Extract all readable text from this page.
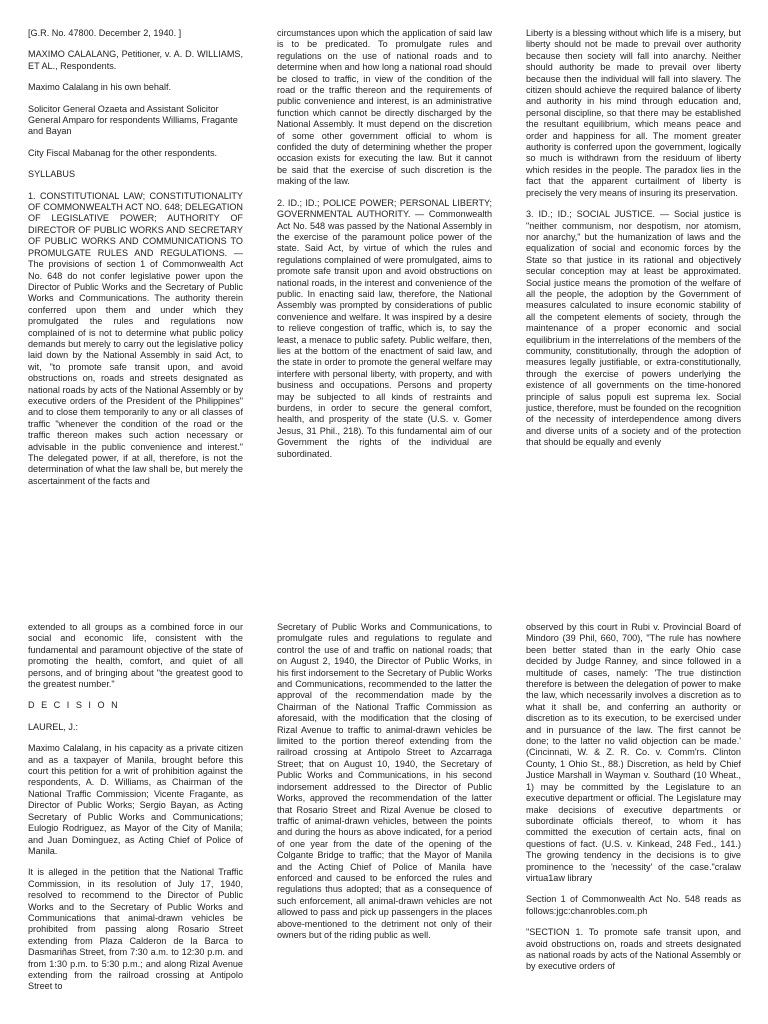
[G.R. No. 47800. December 2, 1940. ]

MAXIMO CALALANG, Petitioner, v. A. D. WILLIAMS, ET AL., Respondents.

Maximo Calalang in his own behalf.

Solicitor General Ozaeta and Assistant Solicitor General Amparo for respondents Williams, Fragante and Bayan

City Fiscal Mabanag for the other respondents.

SYLLABUS

1. CONSTITUTIONAL LAW; CONSTITUTIONALITY OF COMMONWEALTH ACT NO. 648; DELEGATION OF LEGISLATIVE POWER; AUTHORITY OF DIRECTOR OF PUBLIC WORKS AND SECRETARY OF PUBLIC WORKS AND COMMUNICATIONS TO PROMULGATE RULES AND REGULATIONS. — The provisions of section 1 of Commonwealth Act No. 648 do not confer legislative power upon the Director of Public Works and the Secretary of Public Works and Communications. The authority therein conferred upon them and under which they promulgated the rules and regulations now complained of is not to determine what public policy demands but merely to carry out the legislative policy laid down by the National Assembly in said Act, to wit, "to promote safe transit upon, and avoid obstructions on, roads and streets designated as national roads by acts of the National Assembly or by executive orders of the President of the Philippines" and to close them temporarily to any or all classes of traffic "whenever the condition of the road or the traffic thereon makes such action necessary or advisable in the public convenience and interest." The delegated power, if at all, therefore, is not the determination of what the law shall be, but merely the ascertainment of the facts and

circumstances upon which the application of said law is to be predicated. To promulgate rules and regulations on the use of national roads and to determine when and how long a national road should be closed to traffic, in view of the condition of the road or the traffic thereon and the requirements of public convenience and interest, is an administrative function which cannot be directly discharged by the National Assembly. It must depend on the discretion of some other government official to whom is confided the duty of determining whether the proper occasion exists for executing the law. But it cannot be said that the exercise of such discretion is the making of the law.

2. ID.; ID.; POLICE POWER; PERSONAL LIBERTY; GOVERNMENTAL AUTHORITY. — Commonwealth Act No. 548 was passed by the National Assembly in the exercise of the paramount police power of the state. Said Act, by virtue of which the rules and regulations complained of were promulgated, aims to promote safe transit upon and avoid obstructions on national roads, in the interest and convenience of the public. In enacting said law, therefore, the National Assembly was prompted by considerations of public convenience and welfare. It was inspired by a desire to relieve congestion of traffic, which is, to say the least, a menace to public safety. Public welfare, then, lies at the bottom of the enactment of said law, and the state in order to promote the general welfare may interfere with personal liberty, with property, and with business and occupations. Persons and property may be subjected to all kinds of restraints and burdens, in order to secure the general comfort, health, and prosperity of the state (U.S. v. Gomer Jesus, 31 Phil., 218). To this fundamental aim of our Government the rights of the individual are subordinated.

Liberty is a blessing without which life is a misery, but liberty should not be made to prevail over authority because then society will fall into anarchy. Neither should authority be made to prevail over liberty because then the individual will fall into slavery. The citizen should achieve the required balance of liberty and authority in his mind through education and, personal discipline, so that there may be established the resultant equilibrium, which means peace and order and happiness for all. The moment greater authority is conferred upon the government, logically so much is withdrawn from the residuum of liberty which resides in the people. The paradox lies in the fact that the apparent curtailment of liberty is precisely the very means of insuring its preservation.

3. ID.; ID.; SOCIAL JUSTICE. — Social justice is "neither communism, nor despotism, nor atomism, nor anarchy," but the humanization of laws and the equalization of social and economic forces by the State so that justice in its rational and objectively secular conception may at least be approximated. Social justice means the promotion of the welfare of all the people, the adoption by the Government of measures calculated to insure economic stability of all the competent elements of society, through the maintenance of a proper economic and social equilibrium in the interrelations of the members of the community, constitutionally, through the adoption of measures legally justifiable, or extra-constitutionally, through the exercise of powers underlying the existence of all governments on the time-honored principle of salus populi est suprema lex. Social justice, therefore, must be founded on the recognition of the necessity of interdependence among divers and diverse units of a society and of the protection that should be equally and evenly

extended to all groups as a combined force in our social and economic life, consistent with the fundamental and paramount objective of the state of promoting the health, comfort, and quiet of all persons, and of bringing about "the greatest good to the greatest number."

D E C I S I O N

LAUREL, J.:

Maximo Calalang, in his capacity as a private citizen and as a taxpayer of Manila, brought before this court this petition for a writ of prohibition against the respondents, A. D. Williams, as Chairman of the National Traffic Commission; Vicente Fragante, as Director of Public Works; Sergio Bayan, as Acting Secretary of Public Works and Communications; Eulogio Rodriguez, as Mayor of the City of Manila; and Juan Dominguez, as Acting Chief of Police of Manila.

It is alleged in the petition that the National Traffic Commission, in its resolution of July 17, 1940, resolved to recommend to the Director of Public Works and to the Secretary of Public Works and Communications that animal-drawn vehicles be prohibited from passing along Rosario Street extending from Plaza Calderon de la Barca to Dasmariñas Street, from 7:30 a.m. to 12:30 p.m. and from 1:30 p.m. to 5:30 p.m.; and along Rizal Avenue extending from the railroad crossing at Antipolo Street to

Secretary of Public Works and Communications, to promulgate rules and regulations to regulate and control the use of and traffic on national roads; that on August 2, 1940, the Director of Public Works, in his first indorsement to the Secretary of Public Works and Communications, recommended to the latter the approval of the recommendation made by the Chairman of the National Traffic Commission as aforesaid, with the modification that the closing of Rizal Avenue to traffic to animal-drawn vehicles be limited to the portion thereof extending from the railroad crossing at Antipolo Street to Azcarraga Street; that on August 10, 1940, the Secretary of Public Works and Communications, in his second indorsement addressed to the Director of Public Works, approved the recommendation of the latter that Rosario Street and Rizal Avenue be closed to traffic of animal-drawn vehicles, between the points and during the hours as above indicated, for a period of one year from the date of the opening of the Colgante Bridge to traffic; that the Mayor of Manila and the Acting Chief of Police of Manila have enforced and caused to be enforced the rules and regulations thus adopted; that as a consequence of such enforcement, all animal-drawn vehicles are not allowed to pass and pick up passengers in the places above-mentioned to the detriment not only of their owners but of the riding public as well.

observed by this court in Rubi v. Provincial Board of Mindoro (39 Phil, 660, 700), "The rule has nowhere been better stated than in the early Ohio case decided by Judge Ranney, and since followed in a multitude of cases, namely: 'The true distinction therefore is between the delegation of power to make the law, which necessarily involves a discretion as to what it shall be, and conferring an authority or discretion as to its execution, to be exercised under and in pursuance of the law. The first cannot be done; to the latter no valid objection can be made.' (Cincinnati, W. & Z. R. Co. v. Comm'rs. Clinton County, 1 Ohio St., 88.) Discretion, as held by Chief Justice Marshall in Wayman v. Southard (10 Wheat., 1) may be committed by the Legislature to an executive department or official. The Legislature may make decisions of executive departments or subordinate officials thereof, to whom it has committed the execution of certain acts, final on questions of fact. (U.S. v. Kinkead, 248 Fed., 141.) The growing tendency in the decisions is to give prominence to the 'necessity' of the case."cralaw virtua1aw library

Section 1 of Commonwealth Act No. 548 reads as follows:jgc:chanrobles.com.ph

"SECTION 1. To promote safe transit upon, and avoid obstructions on, roads and streets designated as national roads by acts of the National Assembly or by executive orders of
